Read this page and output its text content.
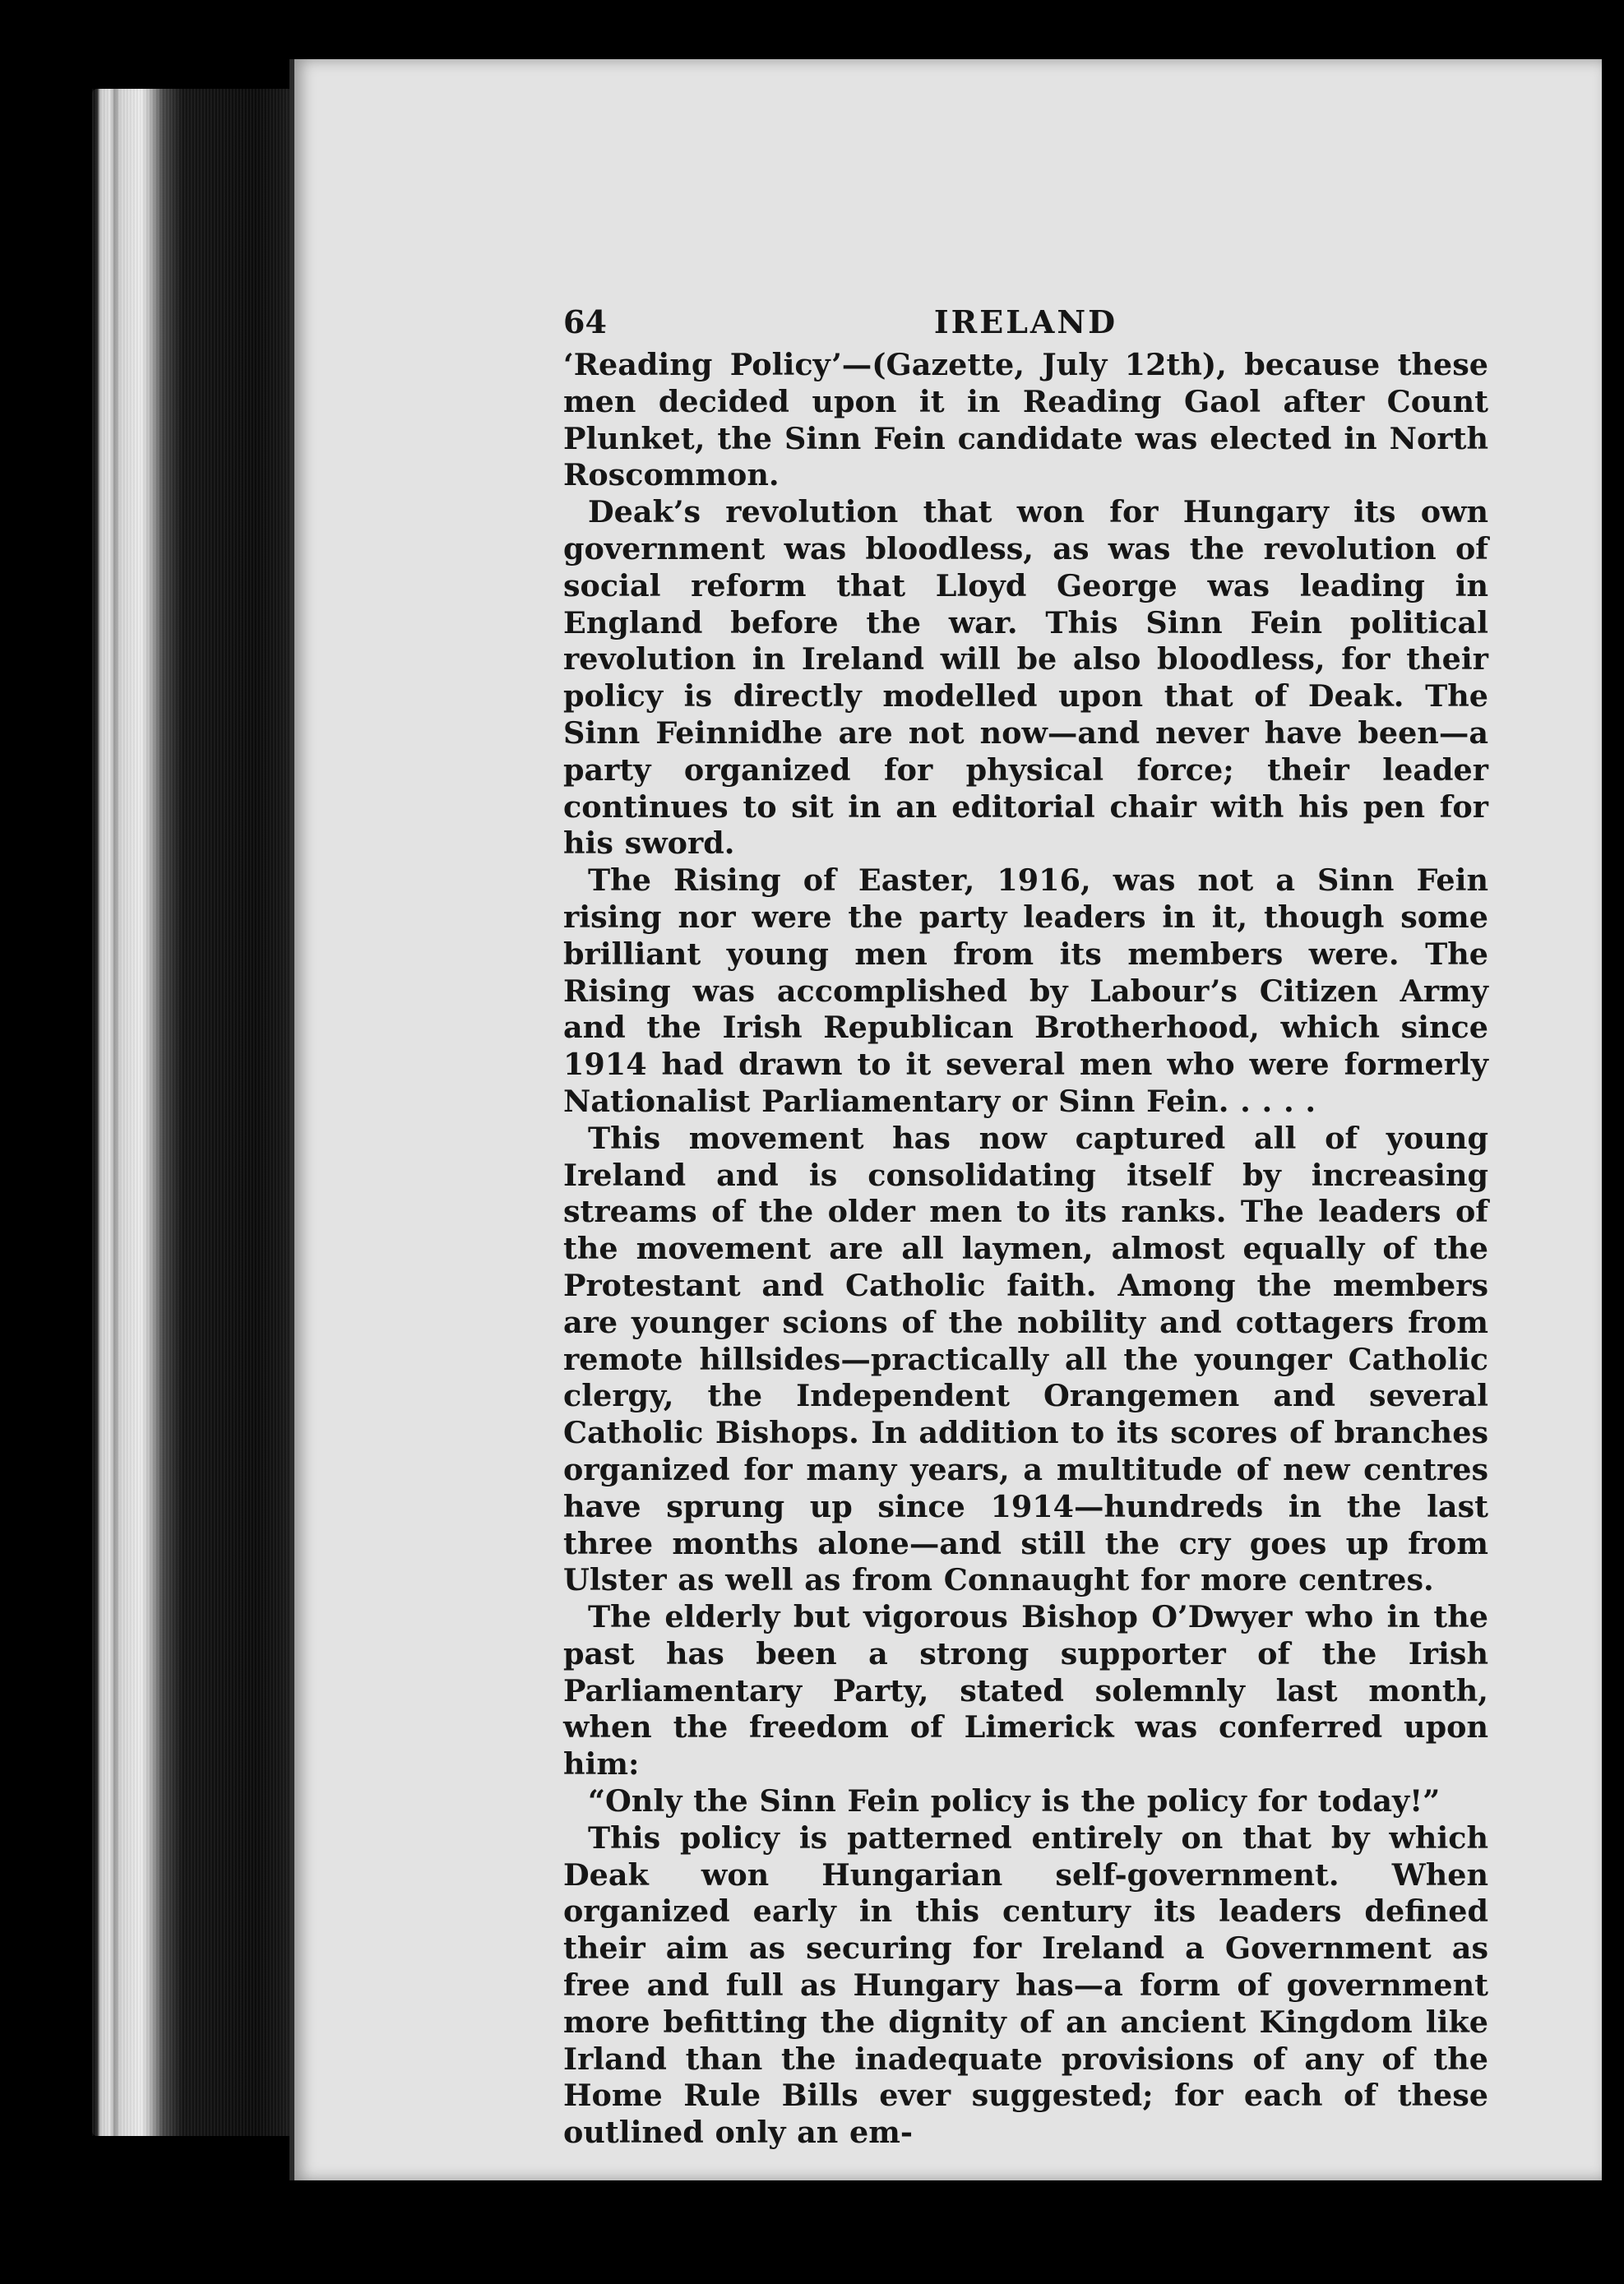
64	IRELAND

‘Reading Policy’—(Gazette, July 12th), because these men decided upon it in Reading Gaol after Count Plunket, the Sinn Fein candidate was elected in North Roscommon.

Deak’s revolution that won for Hungary its own government was bloodless, as was the revolution of social reform that Lloyd George was leading in England before the war. This Sinn Fein political revolution in Ireland will be also bloodless, for their policy is directly modelled upon that of Deak. The Sinn Feinnidhe are not now—and never have been—a party organized for physical force; their leader continues to sit in an editorial chair with his pen for his sword.

The Rising of Easter, 1916, was not a Sinn Fein rising nor were the party leaders in it, though some brilliant young men from its members were. The Rising was accomplished by Labour’s Citizen Army and the Irish Republican Brotherhood, which since 1914 had drawn to it several men who were formerly Nationalist Parliamentary or Sinn Fein. . . . .

This movement has now captured all of young Ireland and is consolidating itself by increasing streams of the older men to its ranks. The leaders of the movement are all laymen, almost equally of the Protestant and Catholic faith. Among the members are younger scions of the nobility and cottagers from remote hillsides—practically all the younger Catholic clergy, the Independent Orangemen and several Catholic Bishops. In addition to its scores of branches organized for many years, a multitude of new centres have sprung up since 1914—hundreds in the last three months alone—and still the cry goes up from Ulster as well as from Connaught for more centres.

The elderly but vigorous Bishop O’Dwyer who in the past has been a strong supporter of the Irish Parliamentary Party, stated solemnly last month, when the freedom of Limerick was conferred upon him:

“Only the Sinn Fein policy is the policy for today!”

This policy is patterned entirely on that by which Deak won Hungarian self-government. When organized early in this century its leaders defined their aim as securing for Ireland a Government as free and full as Hungary has—a form of government more befitting the dignity of an ancient Kingdom like Irland than the inadequate provisions of any of the Home Rule Bills ever suggested; for each of these outlined only an em-
